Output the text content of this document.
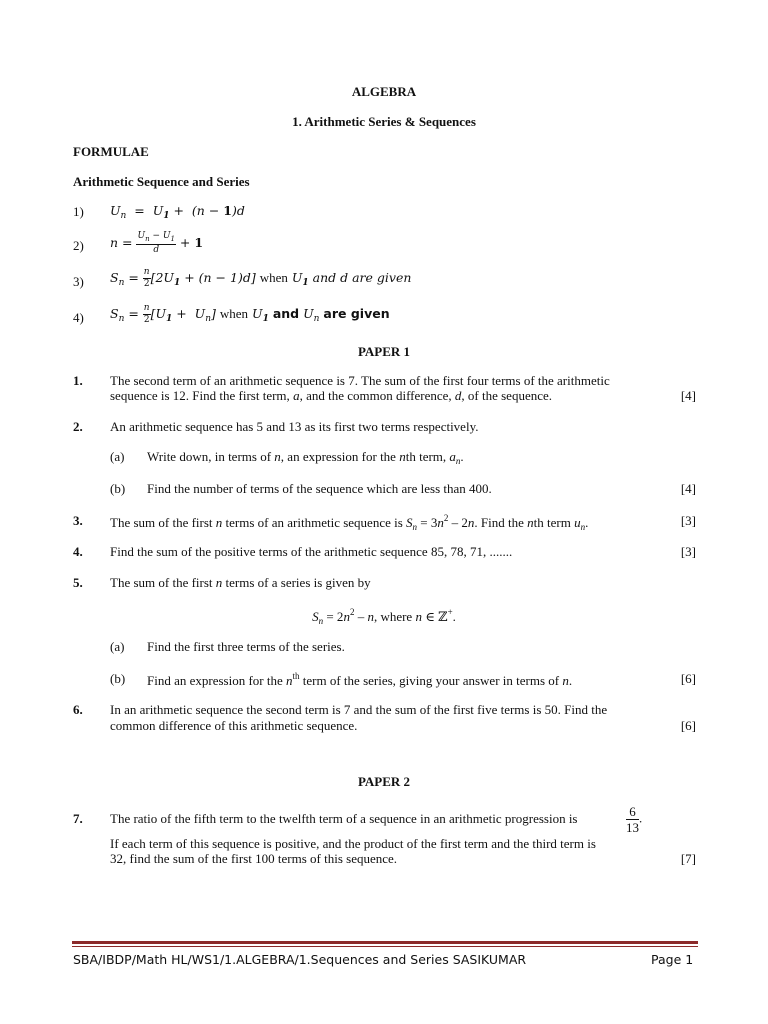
ALGEBRA
1. Arithmetic Series & Sequences
FORMULAE
Arithmetic Sequence and Series
1) $U_n = U_1 + (n - 1)d$
2) $n = \frac{U_n - U_1}{d} + 1$
3) $S_n = \frac{n}{2} [2U_1 + (n - 1)d]$ when $U_1$ and d are given
4) $S_n = \frac{n}{2} [U_1 + U_n]$ when $U_1$ and $U_n$ are given
PAPER 1
1. The second term of an arithmetic sequence is 7. The sum of the first four terms of the arithmetic
sequence is 12. Find the first term, a, and the common difference, d, of the sequence.	[4]
2. An arithmetic sequence has 5 and 13 as its first two terms respectively.
(a) Write down, in terms of n, an expression for the nth term, $a_n$.
(b) Find the number of terms of the sequence which are less than 400.	[4]
3. The sum of the first n terms of an arithmetic sequence is $S_n = 3n^2 - 2n$. Find the nth term $u_n$.	[3]
4. Find the sum of the positive terms of the arithmetic sequence 85, 78, 71, .......	[3]
5. The sum of the first n terms of a series is given by
$S_n = 2n^2 - n$, where n ∈ ℤ+.
(a) Find the first three terms of the series.
(b) Find an expression for the $n^{th}$ term of the series, giving your answer in terms of n.	[6]
6. In an arithmetic sequence the second term is 7 and the sum of the first five terms is 50. Find the
common difference of this arithmetic sequence.	[6]
PAPER 2
7. The ratio of the fifth term to the twelfth term of a sequence in an arithmetic progression is	$\frac{6}{13}$ .
If each term of this sequence is positive, and the product of the first term and the third term is
32, find the sum of the first 100 terms of this sequence.	[7]
SBA/IBDP/Math HL/WS1/1.ALGEBRA/1.Sequences and Series SASIKUMAR	Page 1
